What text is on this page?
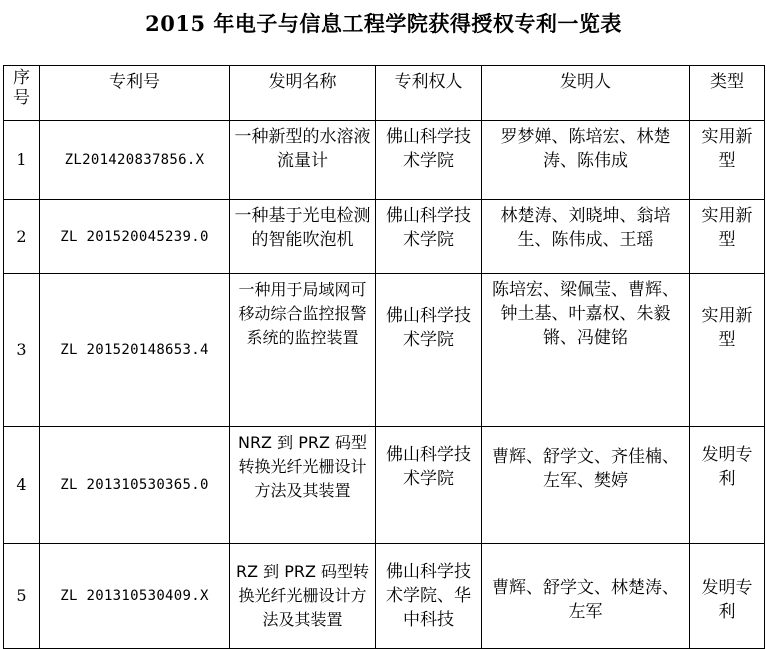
2015 年电子与信息工程学院获得授权专利一览表
序号	专利号	发明名称	专利权人	发明人	类型
1	ZL201420837856.X	一种新型的水溶液流量计	佛山科学技术学院	罗梦婵、陈培宏、林楚涛、陈伟成	实用新型
2	ZL 201520045239.0	一种基于光电检测的智能吹泡机	佛山科学技术学院	林楚涛、刘晓坤、翁培生、陈伟成、王瑶	实用新型
3	ZL 201520148653.4	一种用于局域网可移动综合监控报警系统的监控装置	佛山科学技术学院	陈培宏、梁佩莹、曹辉、钟土基、叶嘉权、朱毅锵、冯健铭	实用新型
4	ZL 201310530365.0	NRZ 到 PRZ 码型转换光纤光栅设计方法及其装置	佛山科学技术学院	曹辉、舒学文、齐佳楠、左军、樊婷	发明专利
5	ZL 201310530409.X	RZ 到 PRZ 码型转换光纤光栅设计方法及其装置	佛山科学技术学院、华中科技	曹辉、舒学文、林楚涛、左军	发明专利
